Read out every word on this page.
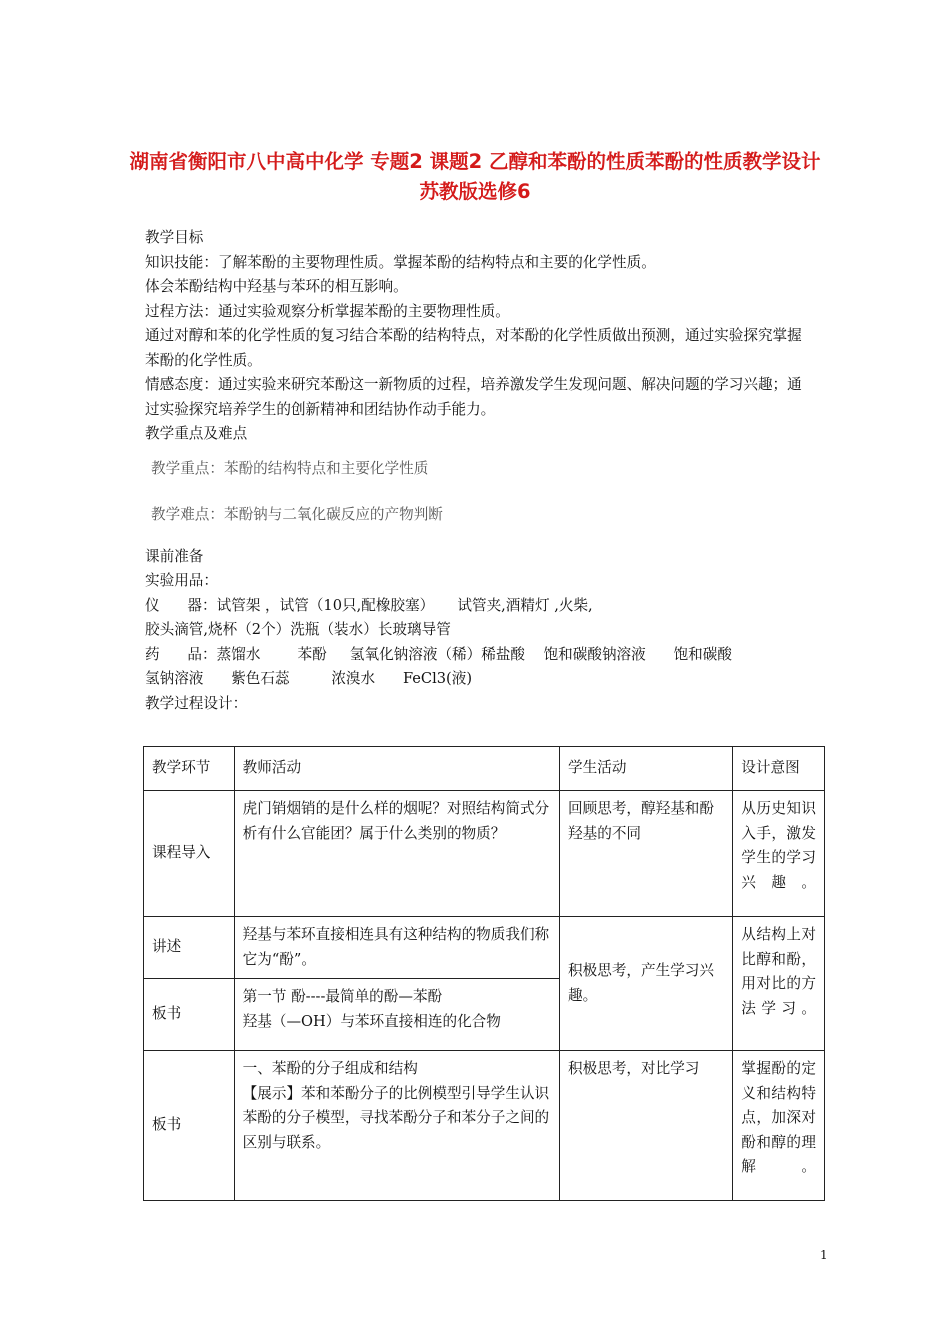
湖南省衡阳市八中高中化学 专题2 课题2 乙醇和苯酚的性质苯酚的性质教学设计 苏教版选修6

教学目标

知识技能：了解苯酚的主要物理性质。掌握苯酚的结构特点和主要的化学性质。

体会苯酚结构中羟基与苯环的相互影响。

过程方法：通过实验观察分析掌握苯酚的主要物理性质。

通过对醇和苯的化学性质的复习结合苯酚的结构特点，对苯酚的化学性质做出预测，通过实验探究掌握苯酚的化学性质。

情感态度：通过实验来研究苯酚这一新物质的过程，培养激发学生发现问题、解决问题的学习兴趣；通过实验探究培养学生的创新精神和团结协作动手能力。

教学重点及难点

教学重点：苯酚的结构特点和主要化学性质

教学难点：苯酚钠与二氧化碳反应的产物判断

课前准备

实验用品：

仪      器： 试管架 ，试管（10只,配橡胶塞）     试管夹,酒精灯 ,火柴,

胶头滴管,烧杯（2个）洗瓶（装水）长玻璃导管

药      品： 蒸馏水        苯酚     氢氧化钠溶液（稀）稀盐酸    饱和碳酸钠溶液      饱和碳酸

氢钠溶液      紫色石蕊         浓溴水      FeCl3(液)

教学过程设计：

教学环节	教师活动	学生活动	设计意图
课程导入	虎门销烟销的是什么样的烟呢？对照结构简式分析有什么官能团？属于什么类别的物质？	回顾思考，醇羟基和酚羟基的不同	从历史知识入手，激发学生的学习兴趣。
讲述	羟基与苯环直接相连具有这种结构的物质我们称它为“酚”。	积极思考，产生学习兴趣。	从结构上对比醇和酚，用对比的方法学习。
板书	第一节 酚----最简单的酚—苯酚
羟基（—OH）与苯环直接相连的化合物		

板书	一、苯酚的分子组成和结构
【展示】苯和苯酚分子的比例模型引导学生认识苯酚的分子模型，寻找苯酚分子和苯分子之间的区别与联系。	积极思考，对比学习	掌握酚的定义和结构特点，加深对酚和醇的理解。
1
